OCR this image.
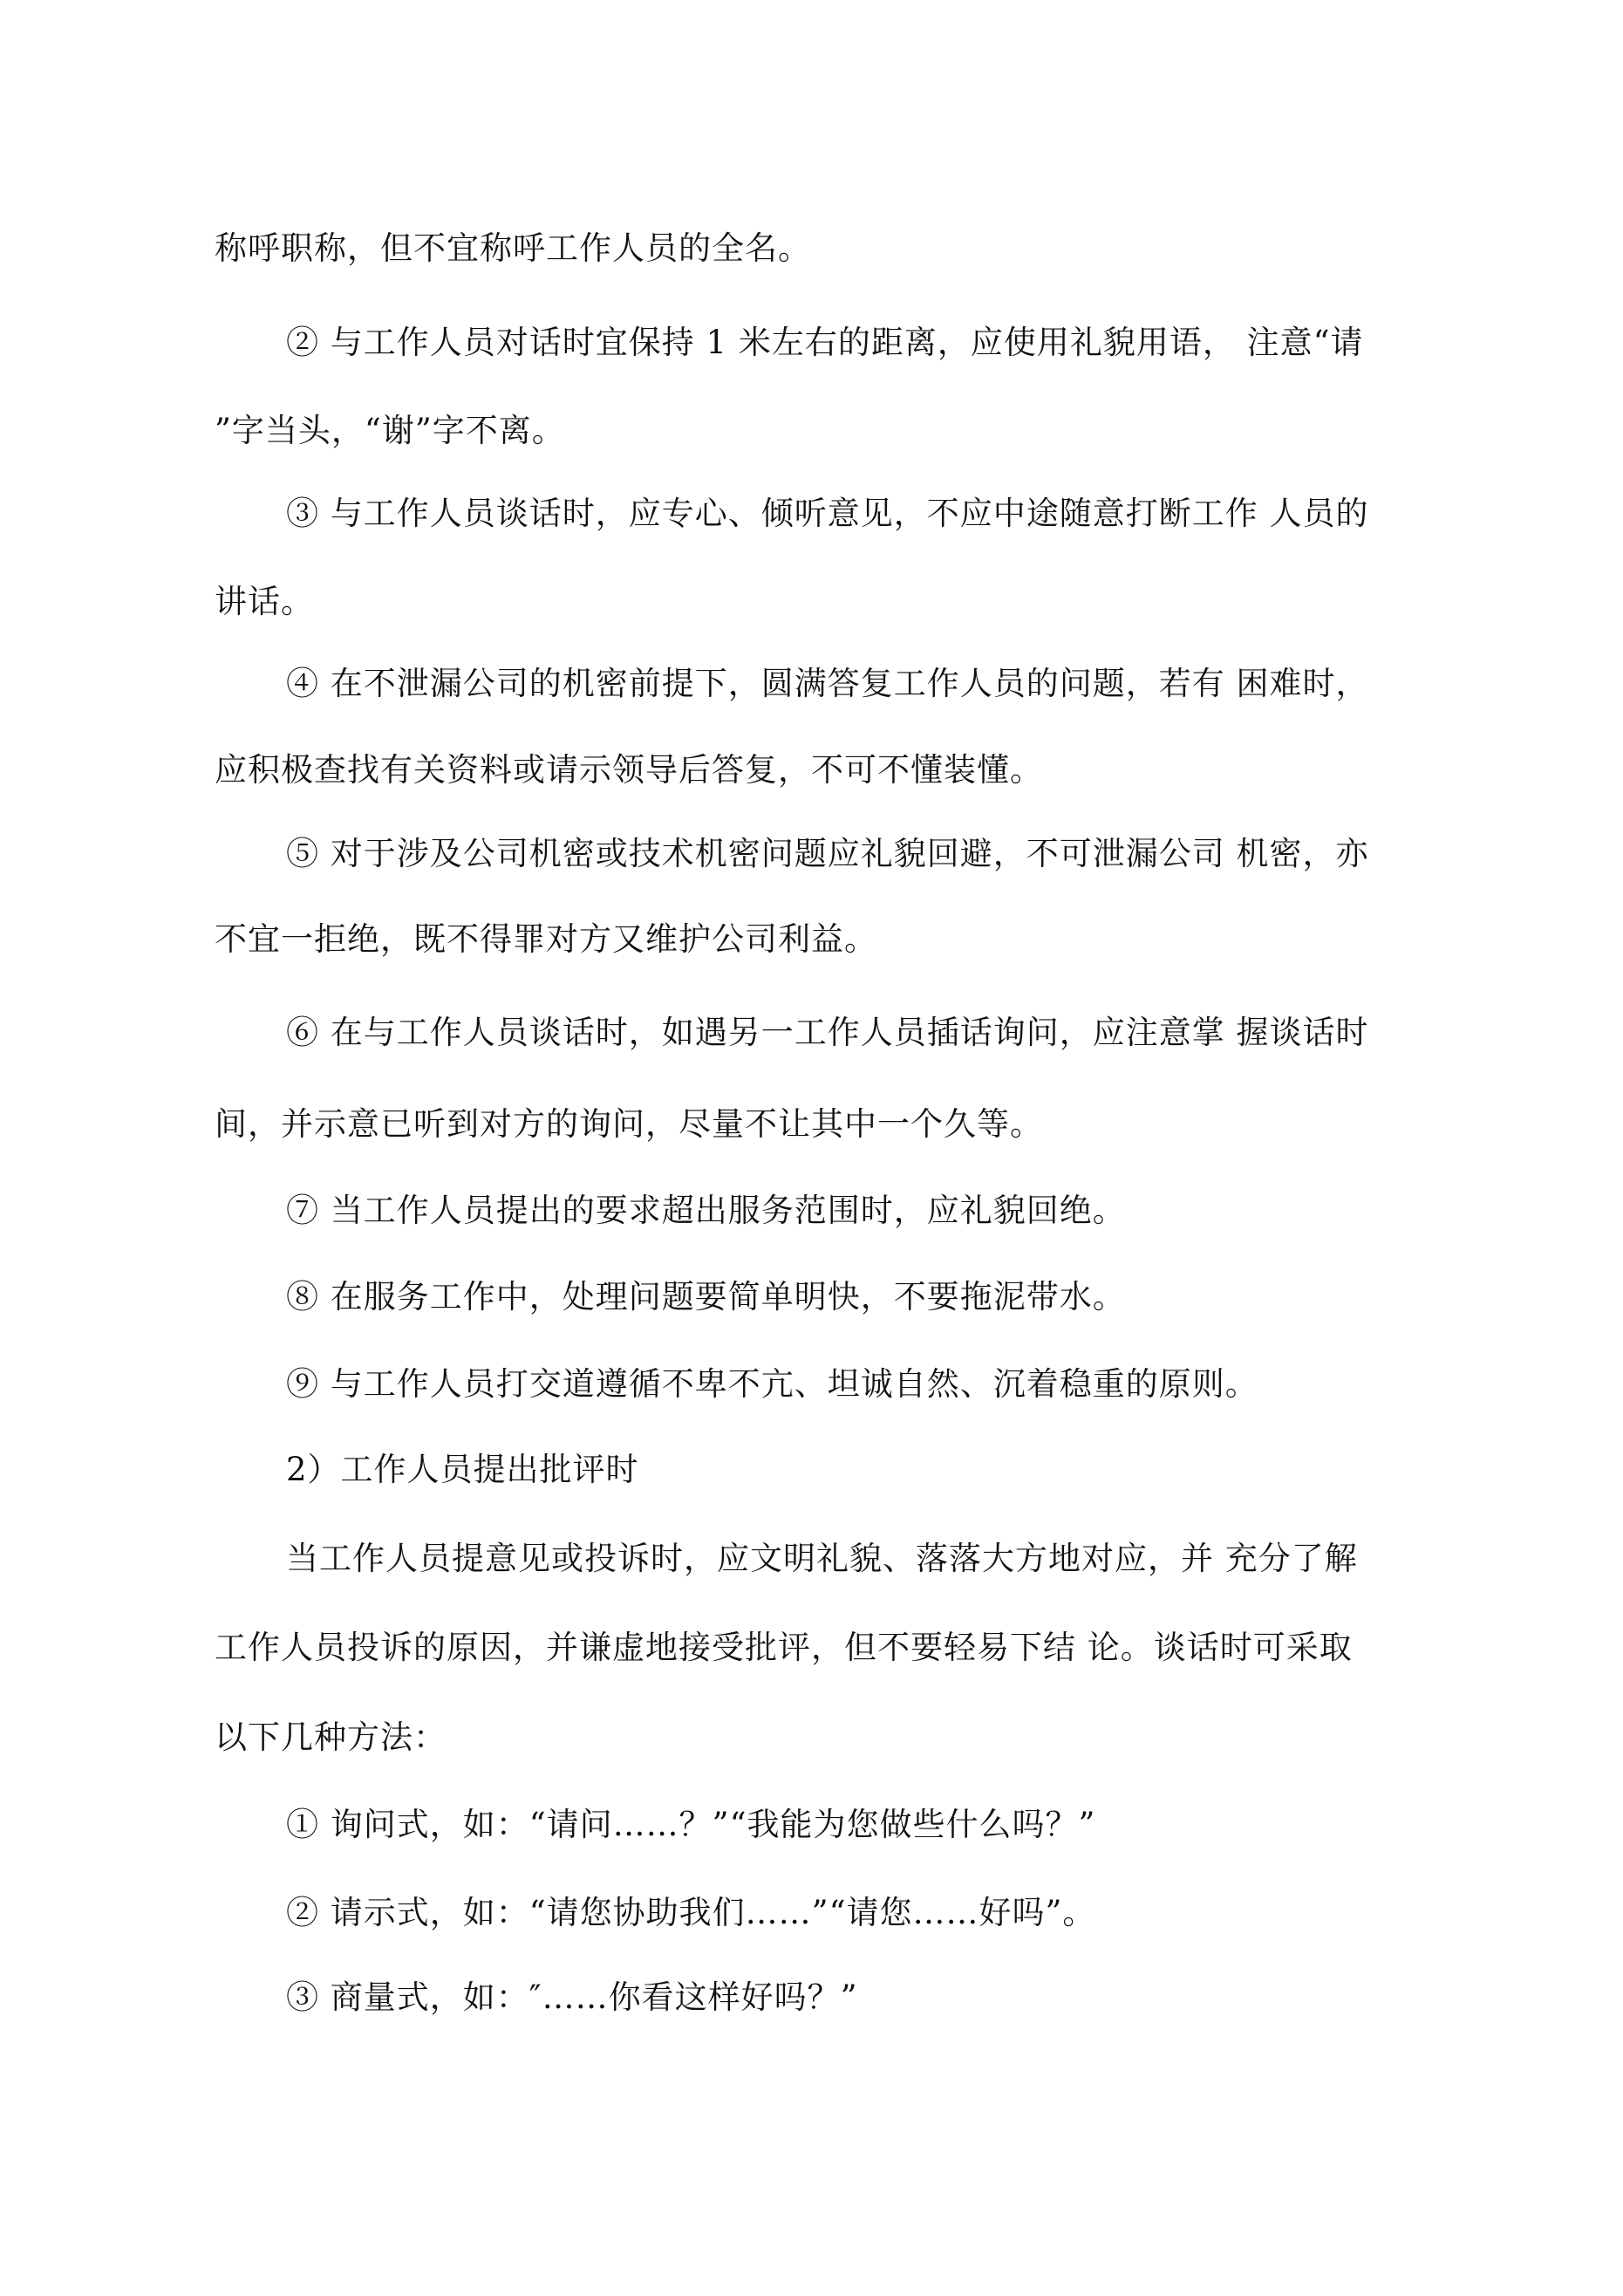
称呼职称，但不宜称呼工作人员的全名。

② 与工作人员对话时宜保持 1 米左右的距离，应使用礼貌用语， 注意“请

”字当头，“谢”字不离。

③ 与工作人员谈话时，应专心、倾听意见，不应中途随意打断工作 人员的

讲话。

④ 在不泄漏公司的机密前提下，圆满答复工作人员的问题，若有 困难时，

应积极查找有关资料或请示领导后答复，不可不懂装懂。

⑤ 对于涉及公司机密或技术机密问题应礼貌回避，不可泄漏公司 机密，亦

不宜一拒绝，既不得罪对方又维护公司利益。

⑥ 在与工作人员谈话时，如遇另一工作人员插话询问，应注意掌 握谈话时

间，并示意已听到对方的询问，尽量不让其中一个久等。

⑦ 当工作人员提出的要求超出服务范围时，应礼貌回绝。

⑧ 在服务工作中，处理问题要简单明快，不要拖泥带水。

⑨ 与工作人员打交道遵循不卑不亢、坦诚自然、沉着稳重的原则。

2）工作人员提出批评时

当工作人员提意见或投诉时，应文明礼貌、落落大方地对应，并 充分了解

工作人员投诉的原因，并谦虚地接受批评，但不要轻易下结 论。谈话时可采取

以下几种方法：

① 询问式，如：“请问……？”“我能为您做些什么吗？”

② 请示式，如：“请您协助我们……”“请您……好吗”。

③ 商量式，如：″……你看这样好吗？”
